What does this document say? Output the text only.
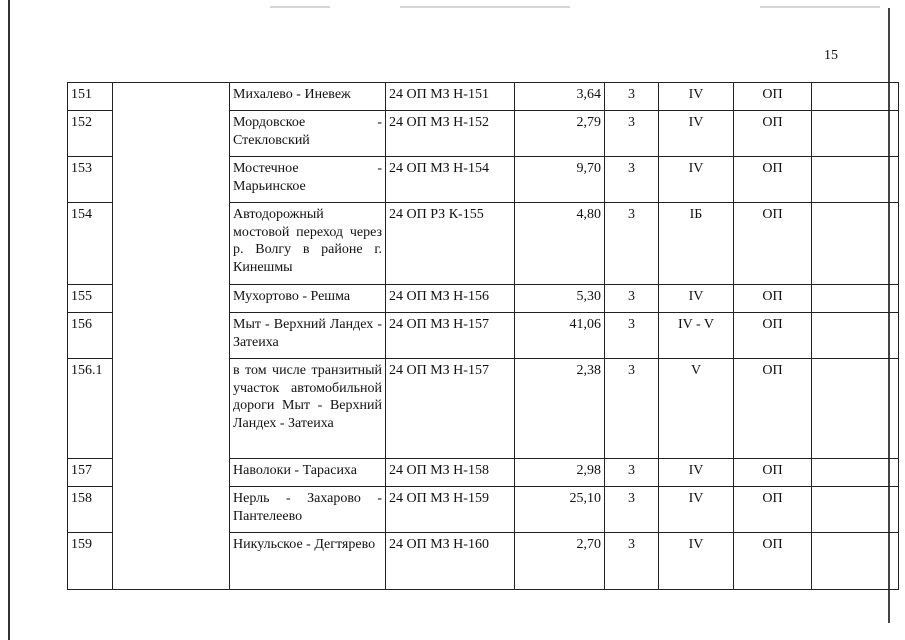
15
151		Михалево - Иневеж	24 ОП МЗ Н-151	3,64	3	IV	ОП	
152		Мордовское - Стекловский	24 ОП МЗ Н-152	2,79	3	IV	ОП	
153		Мостечное - Марьинское	24 ОП МЗ Н-154	9,70	3	IV	ОП	
154		Автодорожный мостовой переход через р. Волгу в районе г. Кинешмы	24 ОП РЗ К-155	4,80	3	IБ	ОП	
155		Мухортово - Решма	24 ОП МЗ Н-156	5,30	3	IV	ОП	
156		Мыт - Верхний Ландех - Затеиха	24 ОП МЗ Н-157	41,06	3	IV - V	ОП	
156.1		в том числе транзитный участок автомобильной дороги Мыт - Верхний Ландех - Затеиха	24 ОП МЗ Н-157	2,38	3	V	ОП	
157		Наволоки - Тарасиха	24 ОП МЗ Н-158	2,98	3	IV	ОП	
158		Нерль - Захарово - Пантелеево	24 ОП МЗ Н-159	25,10	3	IV	ОП	
159		Никульское - Дегтярево	24 ОП МЗ Н-160	2,70	3	IV	ОП	
